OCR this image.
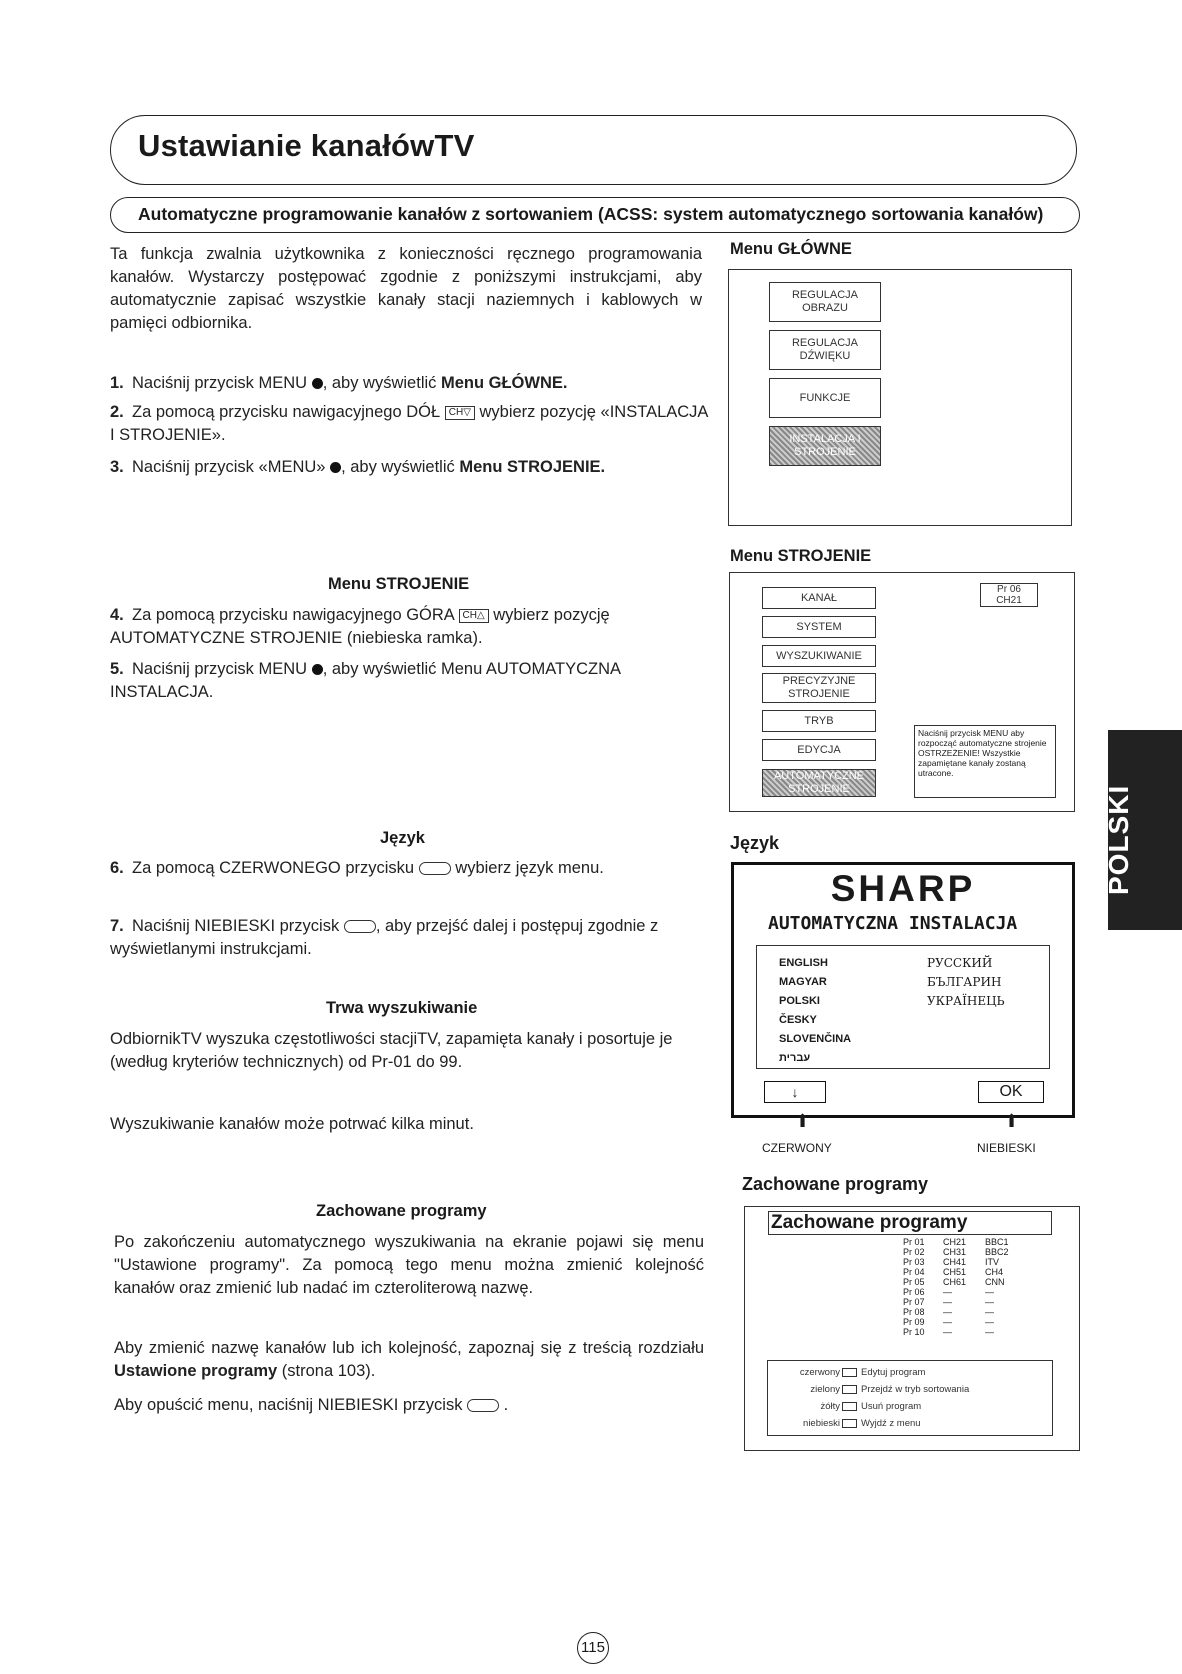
Ustawianie kanałówTV
Automatyczne programowanie kanałów z sortowaniem (ACSS: system automatycznego sortowania kanałów)
Ta funkcja zwalnia użytkownika z konieczności ręcznego programowania kanałów. Wystarczy postępować zgodnie z poniższymi instrukcjami, aby automatycznie zapisać wszystkie kanały stacji naziemnych i kablowych w pamięci odbiornika.
1. Naciśnij przycisk MENU , aby wyświetlić Menu GŁÓWNE.
2. Za pomocą przycisku nawigacyjnego DÓŁ CH▽ wybierz pozycję «INSTALACJA I STROJENIE».
3. Naciśnij przycisk «MENU» , aby wyświetlić Menu STROJENIE.
Menu STROJENIE
4. Za pomocą przycisku nawigacyjnego GÓRA CH△ wybierz pozycję AUTOMATYCZNE STROJENIE (niebieska ramka).
5. Naciśnij przycisk MENU , aby wyświetlić Menu AUTOMATYCZNA INSTALACJA.
Język
6. Za pomocą CZERWONEGO przycisku wybierz język menu.
7. Naciśnij NIEBIESKI przycisk , aby przejść dalej i postępuj zgodnie z wyświetlanymi instrukcjami.
Trwa wyszukiwanie
OdbiornikTV wyszuka częstotliwości stacjiTV, zapamięta kanały i posortuje je (według kryteriów technicznych) od Pr-01 do 99.
Wyszukiwanie kanałów może potrwać kilka minut.
Zachowane programy
Po zakończeniu automatycznego wyszukiwania na ekranie pojawi się menu "Ustawione programy". Za pomocą tego menu można zmienić kolejność kanałów oraz zmienić lub nadać im czteroliterową nazwę.
Aby zmienić nazwę kanałów lub ich kolejność, zapoznaj się z treścią rozdziału Ustawione programy (strona 103).
Aby opuścić menu, naciśnij NIEBIESKI przycisk  .
Menu GŁÓWNE
REGULACJA OBRAZU
REGULACJA DŹWIĘKU
FUNKCJE
INSTALACJA I STROJENIE
Menu STROJENIE
KANAŁ
SYSTEM
WYSZUKIWANIE
PRECYZYJNE STROJENIE
TRYB
EDYCJA
AUTOMATYCZNE STROJENIE
Pr 06
CH21
Naciśnij przycisk MENU aby rozpocząć automatyczne strojenie OSTRZEŻENIE! Wszystkie zapamiętane kanały zostaną utracone.
Język
SHARP
AUTOMATYCZNA INSTALACJA
ENGLISH
MAGYAR
POLSKI
ČESKY
SLOVENČINA
עברית
РУССКИЙ
БЪЛГАРИН
УКРАЇНЕЦЬ
↓	OK
⬆	⬆
CZERWONY	NIEBIESKI
Zachowane programy
Zachowane programy
Pr 01 CH21 BBC1
Pr 02 CH31 BBC2
Pr 03 CH41 ITV
Pr 04 CH51 CH4
Pr 05 CH61 CNN
Pr 06 —	—
Pr 07 —	—
Pr 08 —	—
Pr 09 —	—
Pr 10 —	—
czerwony Edytuj program
zielony Przejdź w tryb sortowania
żółty Usuń program
niebieski Wyjdź z menu
POLSKI
115
